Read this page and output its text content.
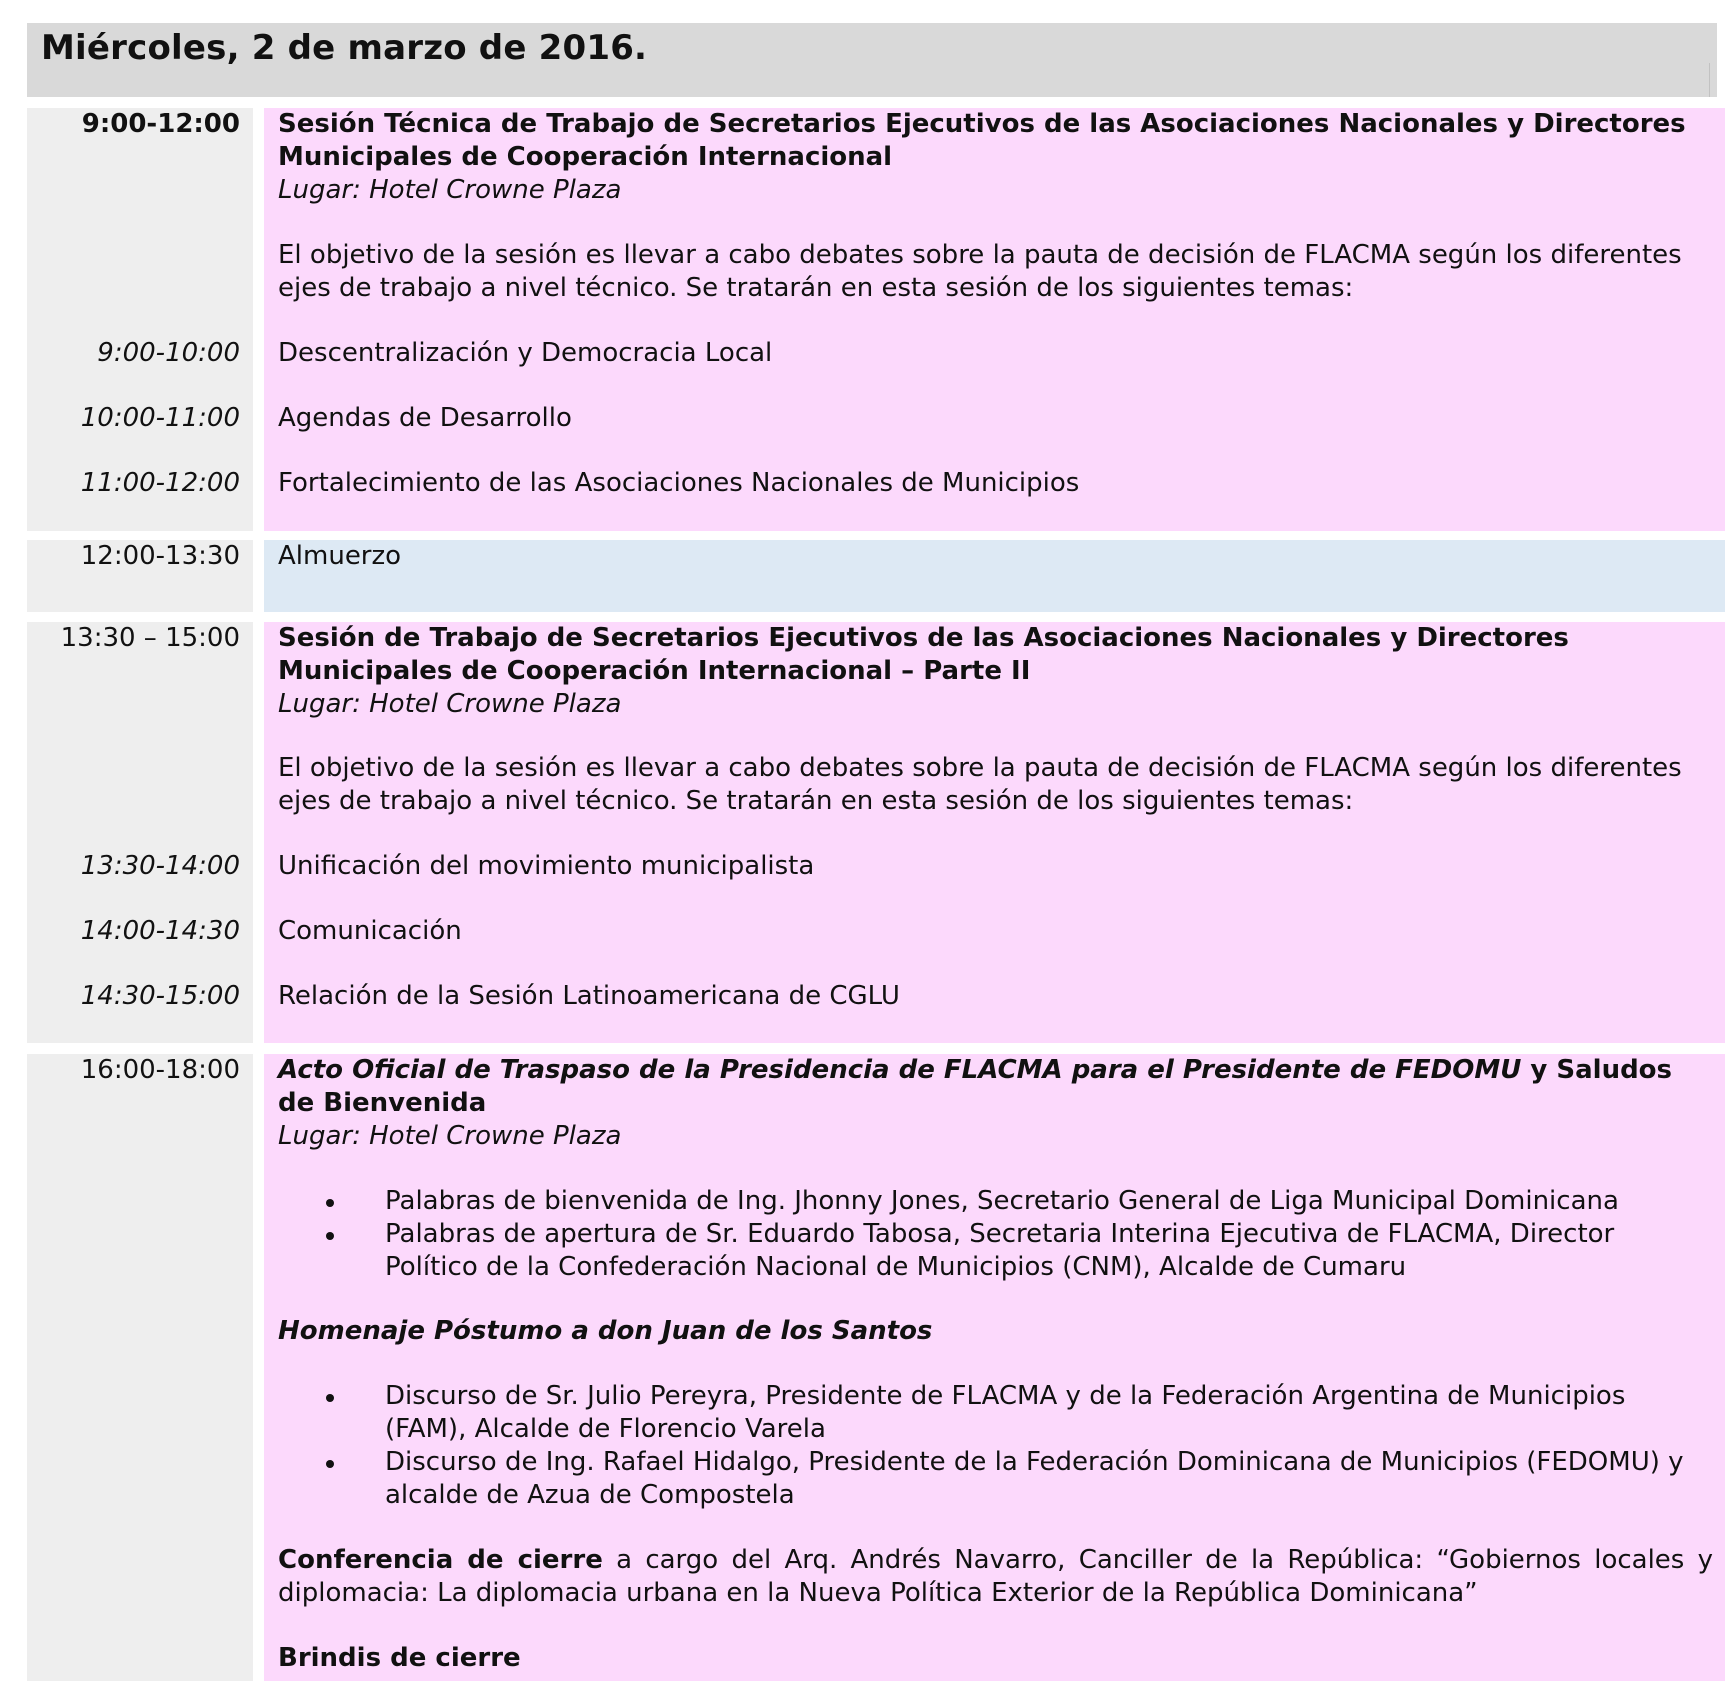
Miércoles, 2 de marzo de 2016.
9:00-12:00
9:00-10:00
10:00-11:00
11:00-12:00
Sesión Técnica de Trabajo de Secretarios Ejecutivos de las Asociaciones Nacionales y Directores Municipales de Cooperación Internacional
Lugar: Hotel Crowne Plaza
El objetivo de la sesión es llevar a cabo debates sobre la pauta de decisión de FLACMA según los diferentes ejes de trabajo a nivel técnico. Se tratarán en esta sesión de los siguientes temas:
Descentralización y Democracia Local
Agendas de Desarrollo
Fortalecimiento de las Asociaciones Nacionales de Municipios
12:00-13:30 Almuerzo
13:30 – 15:00
13:30-14:00
14:00-14:30
14:30-15:00
Sesión de Trabajo de Secretarios Ejecutivos de las Asociaciones Nacionales y Directores Municipales de Cooperación Internacional – Parte II
Lugar: Hotel Crowne Plaza
El objetivo de la sesión es llevar a cabo debates sobre la pauta de decisión de FLACMA según los diferentes ejes de trabajo a nivel técnico. Se tratarán en esta sesión de los siguientes temas:
Unificación del movimiento municipalista
Comunicación
Relación de la Sesión Latinoamericana de CGLU
16:00-18:00 Acto Oficial de Traspaso de la Presidencia de FLACMA para el Presidente de FEDOMU y Saludos de Bienvenida
Lugar: Hotel Crowne Plaza
Palabras de bienvenida de Ing. Jhonny Jones, Secretario General de Liga Municipal Dominicana
Palabras de apertura de Sr. Eduardo Tabosa, Secretaria Interina Ejecutiva de FLACMA, Director Político de la Confederación Nacional de Municipios (CNM), Alcalde de Cumaru
Homenaje Póstumo a don Juan de los Santos
Discurso de Sr. Julio Pereyra, Presidente de FLACMA y de la Federación Argentina de Municipios (FAM), Alcalde de Florencio Varela
Discurso de Ing. Rafael Hidalgo, Presidente de la Federación Dominicana de Municipios (FEDOMU) y alcalde de Azua de Compostela
Conferencia de cierre a cargo del Arq. Andrés Navarro, Canciller de la República: “Gobiernos locales y diplomacia: La diplomacia urbana en la Nueva Política Exterior de la República Dominicana”
Brindis de cierre
